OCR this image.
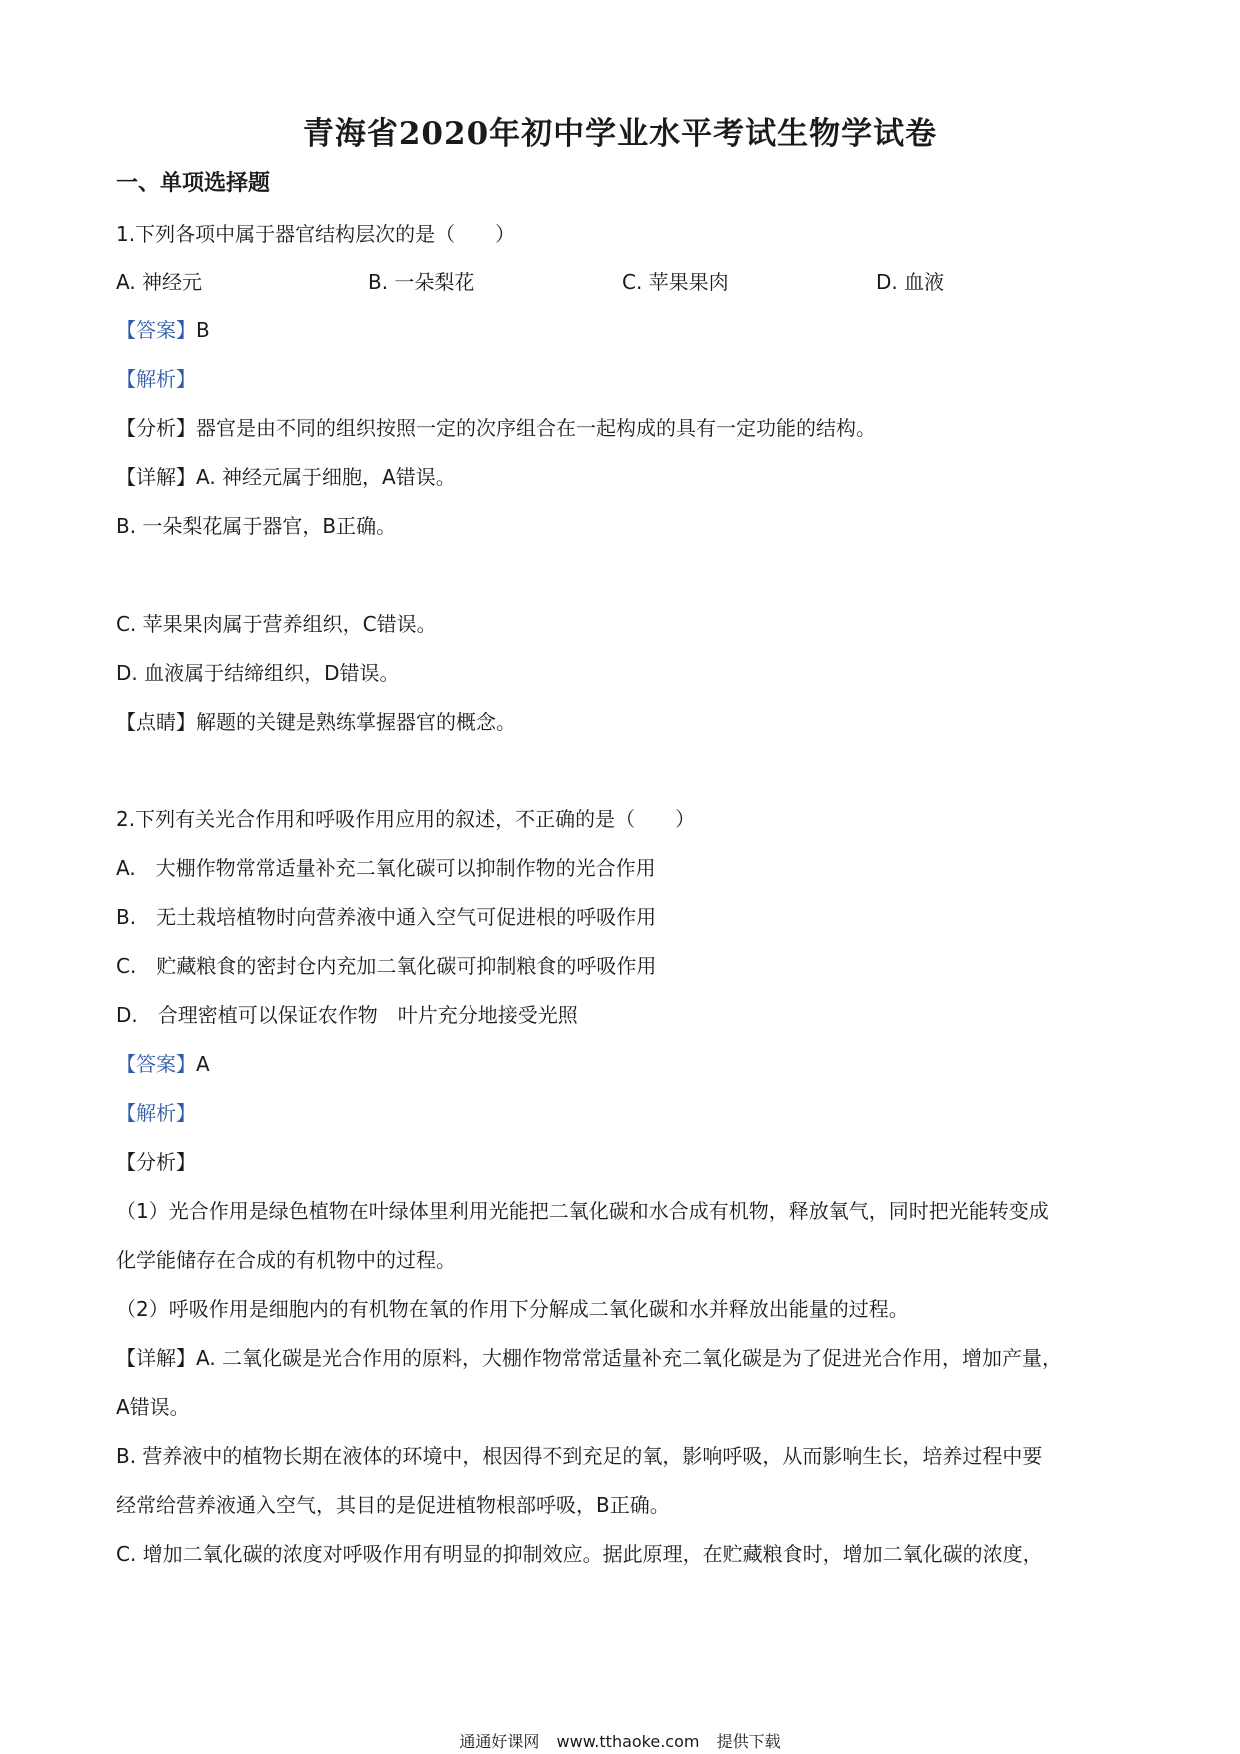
青海省2020年初中学业水平考试生物学试卷
一、单项选择题
1.下列各项中属于器官结构层次的是（　　）
A. 神经元	B. 一朵梨花	C. 苹果果肉	D. 血液
【答案】B
【解析】
【分析】器官是由不同的组织按照一定的次序组合在一起构成的具有一定功能的结构。
【详解】A. 神经元属于细胞，A错误。
B. 一朵梨花属于器官，B正确。
C. 苹果果肉属于营养组织，C错误。
D. 血液属于结缔组织，D错误。
【点睛】解题的关键是熟练掌握器官的概念。
2.下列有关光合作用和呼吸作用应用的叙述，不正确的是（　　）
A.　大棚作物常常适量补充二氧化碳可以抑制作物的光合作用
B.　无土栽培植物时向营养液中通入空气可促进根的呼吸作用
C.　贮藏粮食的密封仓内充加二氧化碳可抑制粮食的呼吸作用
D.　合理密植可以保证农作物　叶片充分地接受光照
【答案】A
【解析】
【分析】
（1）光合作用是绿色植物在叶绿体里利用光能把二氧化碳和水合成有机物，释放氧气，同时把光能转变成
化学能储存在合成的有机物中的过程。
（2）呼吸作用是细胞内的有机物在氧的作用下分解成二氧化碳和水并释放出能量的过程。
【详解】A. 二氧化碳是光合作用的原料，大棚作物常常适量补充二氧化碳是为了促进光合作用，增加产量，
A错误。
B. 营养液中的植物长期在液体的环境中，根因得不到充足的氧，影响呼吸，从而影响生长，培养过程中要
经常给营养液通入空气，其目的是促进植物根部呼吸，B正确。
C. 增加二氧化碳的浓度对呼吸作用有明显的抑制效应。据此原理，在贮藏粮食时，增加二氧化碳的浓度，
通通好课网 www.tthaoke.com 提供下载
